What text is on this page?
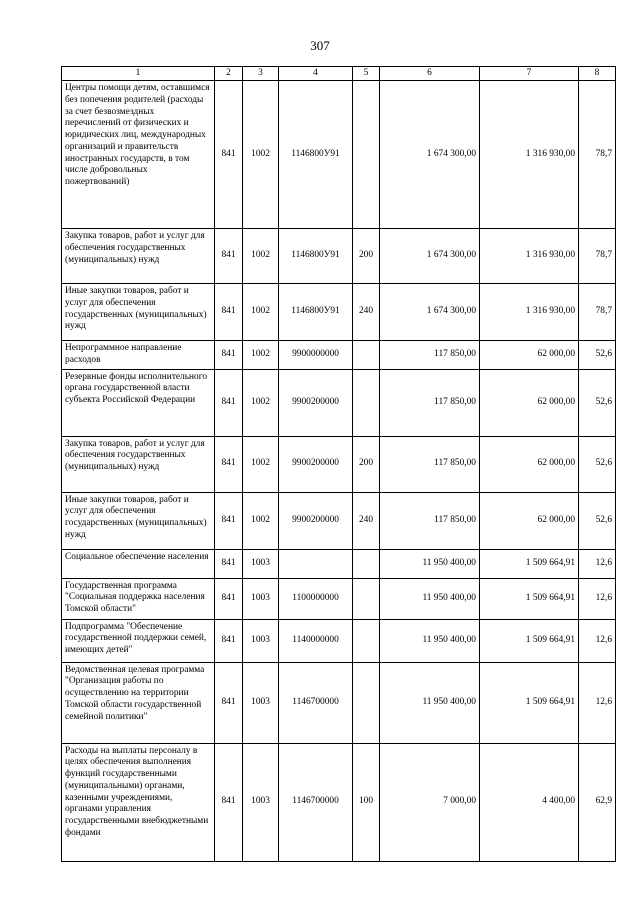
307
1	2	3	4	5	6	7	8
Центры помощи детям, оставшимся без попечения родителей (расходы за счет безвозмездных перечислений от физических и юридических лиц, международных организаций и правительств иностранных государств, в том числе добровольных пожертвований)	841	1002	1146800У91		1 674 300,00	1 316 930,00	78,7
Закупка товаров, работ и услуг для обеспечения государственных (муниципальных) нужд	841	1002	1146800У91	200	1 674 300,00	1 316 930,00	78,7
Иные закупки товаров, работ и услуг для обеспечения государственных (муниципальных) нужд	841	1002	1146800У91	240	1 674 300,00	1 316 930,00	78,7
Непрограммное направление расходов	841	1002	9900000000		117 850,00	62 000,00	52,6
Резервные фонды исполнительного органа государственной власти субъекта Российской Федерации	841	1002	9900200000		117 850,00	62 000,00	52,6
Закупка товаров, работ и услуг для обеспечения государственных (муниципальных) нужд	841	1002	9900200000	200	117 850,00	62 000,00	52,6
Иные закупки товаров, работ и услуг для обеспечения государственных (муниципальных) нужд	841	1002	9900200000	240	117 850,00	62 000,00	52,6
Социальное обеспечение населения	841	1003			11 950 400,00	1 509 664,91	12,6
Государственная программа "Социальная поддержка населения Томской области"	841	1003	1100000000		11 950 400,00	1 509 664,91	12,6
Подпрограмма "Обеспечение государственной поддержки семей, имеющих детей"	841	1003	1140000000		11 950 400,00	1 509 664,91	12,6
Ведомственная целевая программа "Организация работы по осуществлению на территории Томской области государственной семейной политики"	841	1003	1146700000		11 950 400,00	1 509 664,91	12,6
Расходы на выплаты персоналу в целях обеспечения выполнения функций государственными (муниципальными) органами, казенными учреждениями, органами управления государственными внебюджетными фондами	841	1003	1146700000	100	7 000,00	4 400,00	62,9
